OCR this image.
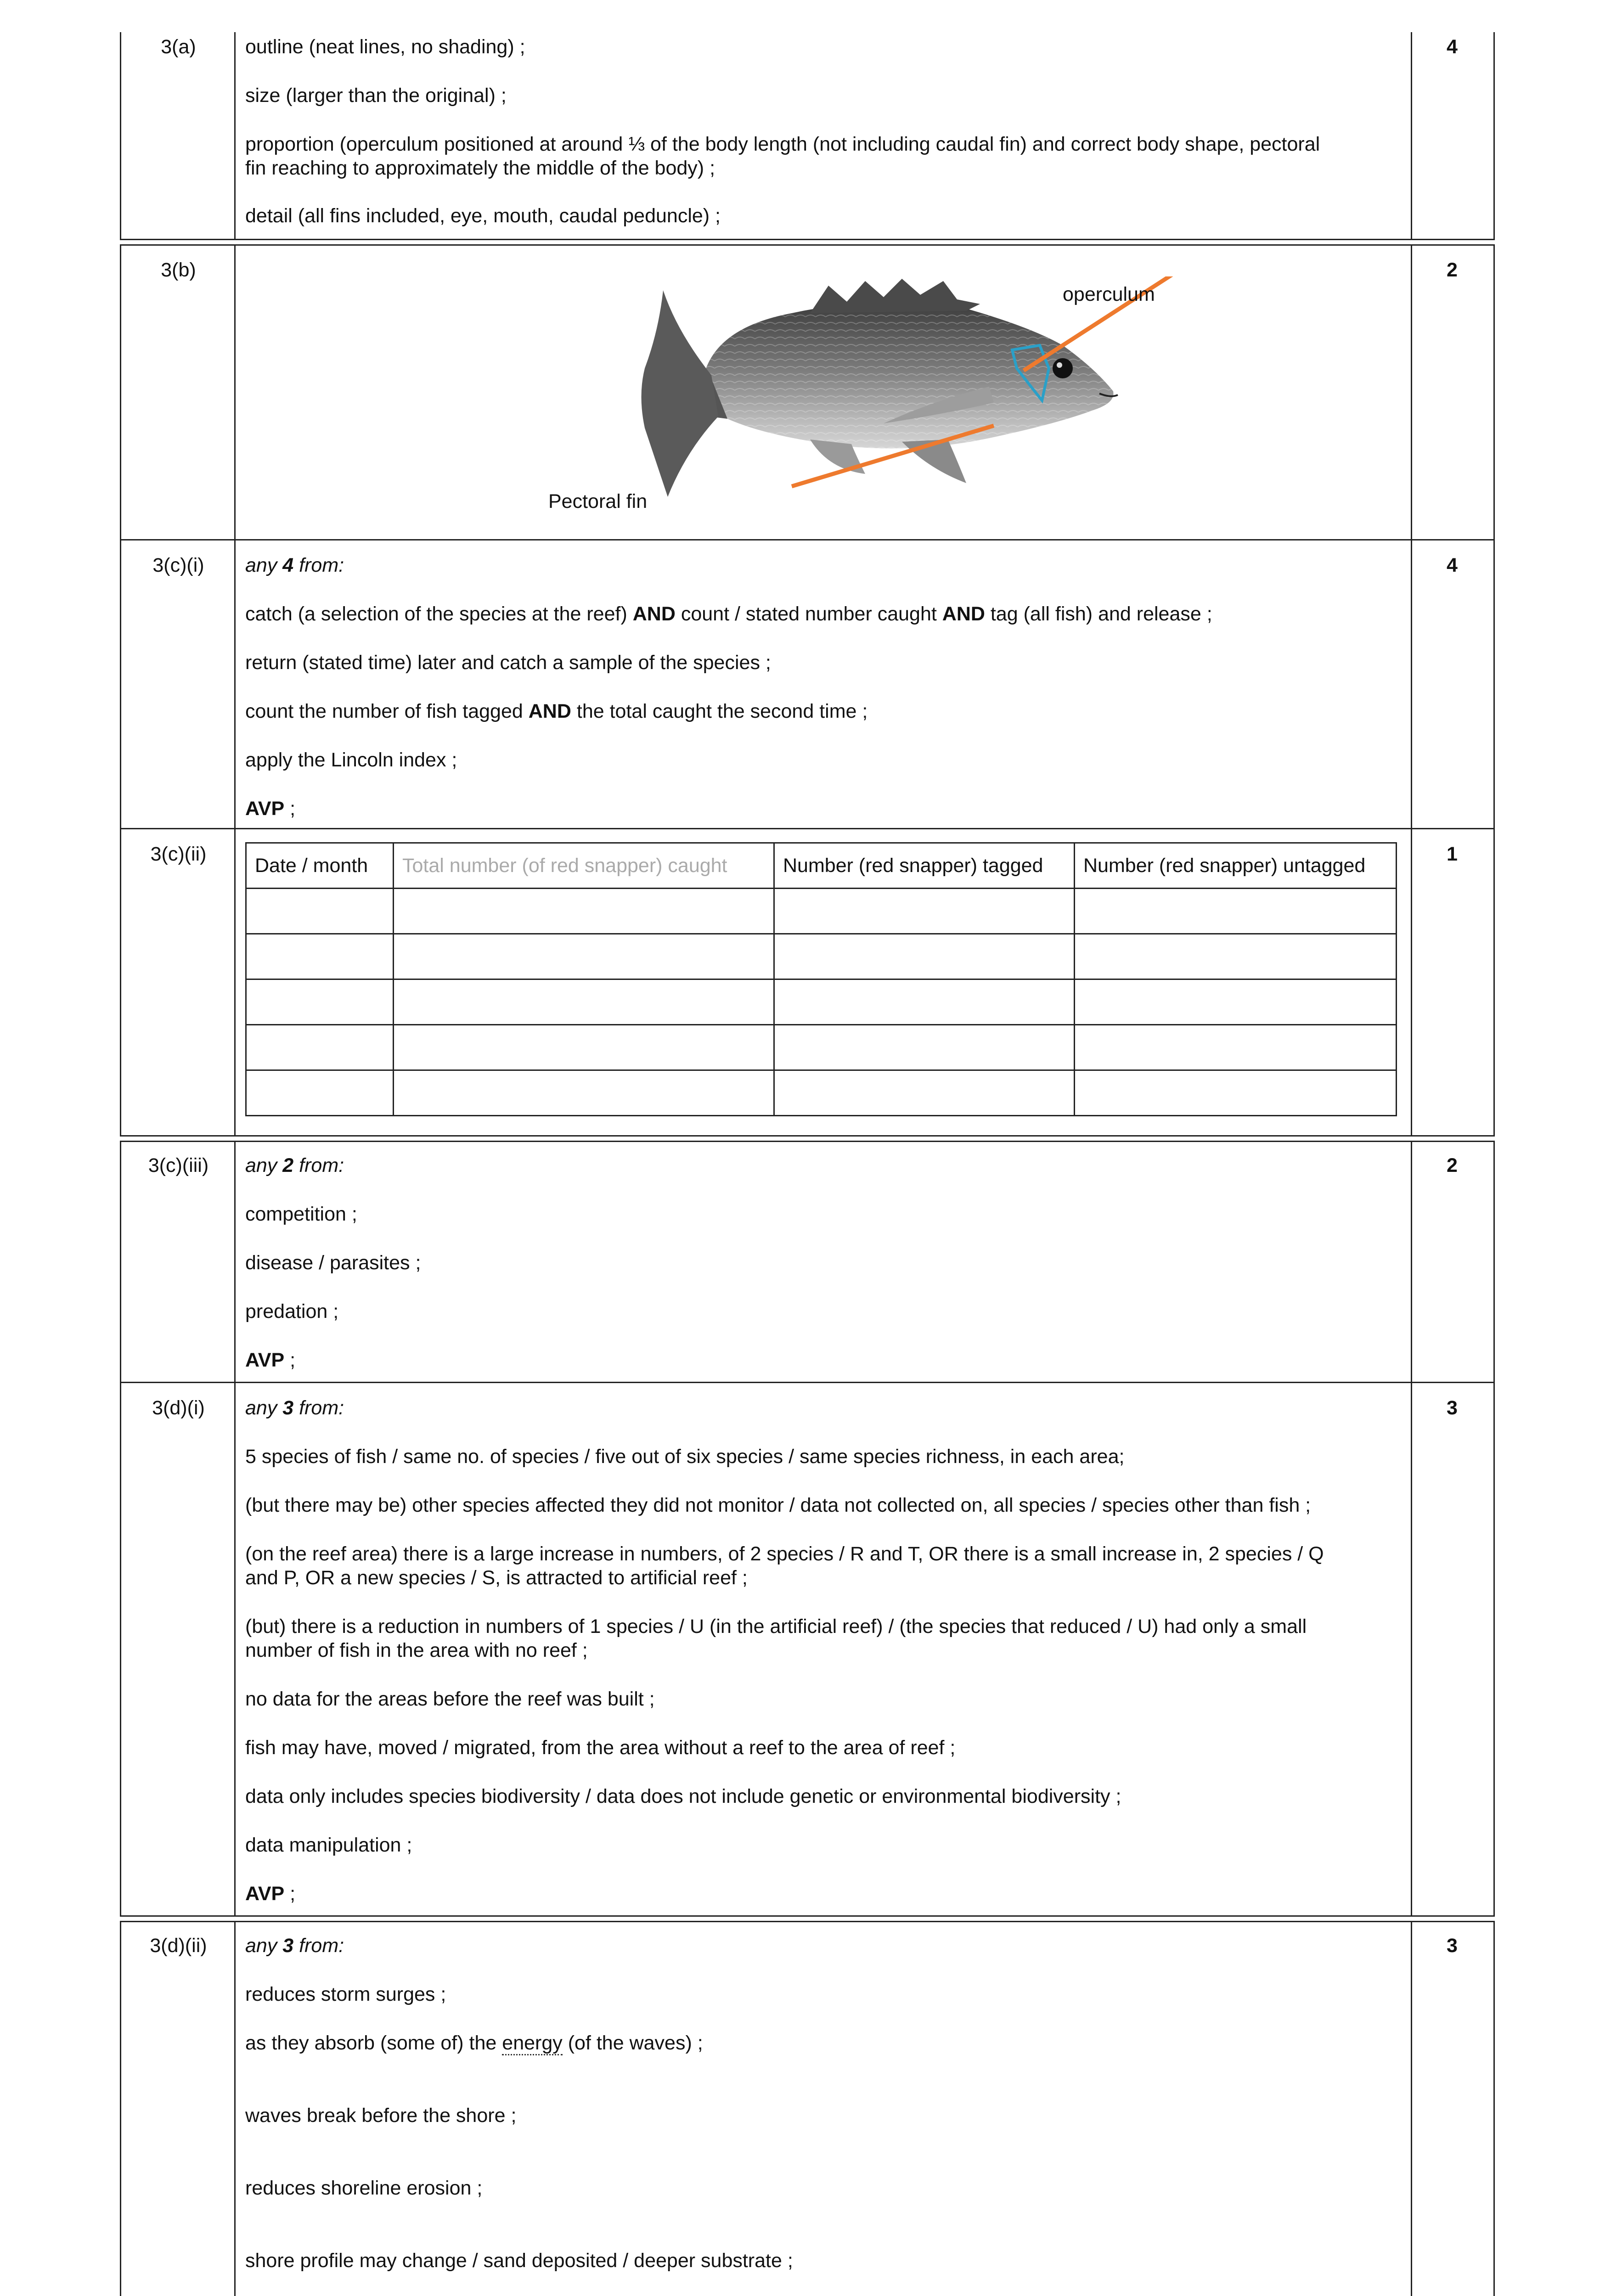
3(a)	4
outline (neat lines, no shading) ;
size (larger than the original) ;
proportion (operculum positioned at around ⅓ of the body length (not including caudal fin) and correct body shape, pectoral
fin reaching to approximately the middle of the body) ;
detail (all fins included, eye, mouth, caudal peduncle) ;
3(b)	2
operculum
Pectoral fin
3(c)(i)	4
any 4 from:
catch (a selection of the species at the reef) AND count / stated number caught AND tag (all fish) and release ;
return (stated time) later and catch a sample of the species ;
count the number of fish tagged AND the total caught the second time ;
apply the Lincoln index ;
AVP ;
3(c)(ii)	1
Date / month	Total number (of red snapper) caught	Number (red snapper) tagged	Number (red snapper) untagged

3(c)(iii)	2
any 2 from:
competition ;
disease / parasites ;
predation ;
AVP ;
3(d)(i)	3
any 3 from:
5 species of fish / same no. of species / five out of six species / same species richness, in each area;
(but there may be) other species affected they did not monitor / data not collected on, all species / species other than fish ;
(on the reef area) there is a large increase in numbers, of 2 species / R and T, OR there is a small increase in, 2 species / Q
and P, OR a new species / S, is attracted to artificial reef ;
(but) there is a reduction in numbers of 1 species / U (in the artificial reef) / (the species that reduced / U) had only a small
number of fish in the area with no reef ;
no data for the areas before the reef was built ;
fish may have, moved / migrated, from the area without a reef to the area of reef ;
data only includes species biodiversity / data does not include genetic or environmental biodiversity ;
data manipulation ;
AVP ;
3(d)(ii)	3
any 3 from:
reduces storm surges ;
as they absorb (some of) the energy (of the waves) ;
waves break before the shore ;
reduces shoreline erosion ;
shore profile may change / sand deposited / deeper substrate ;
